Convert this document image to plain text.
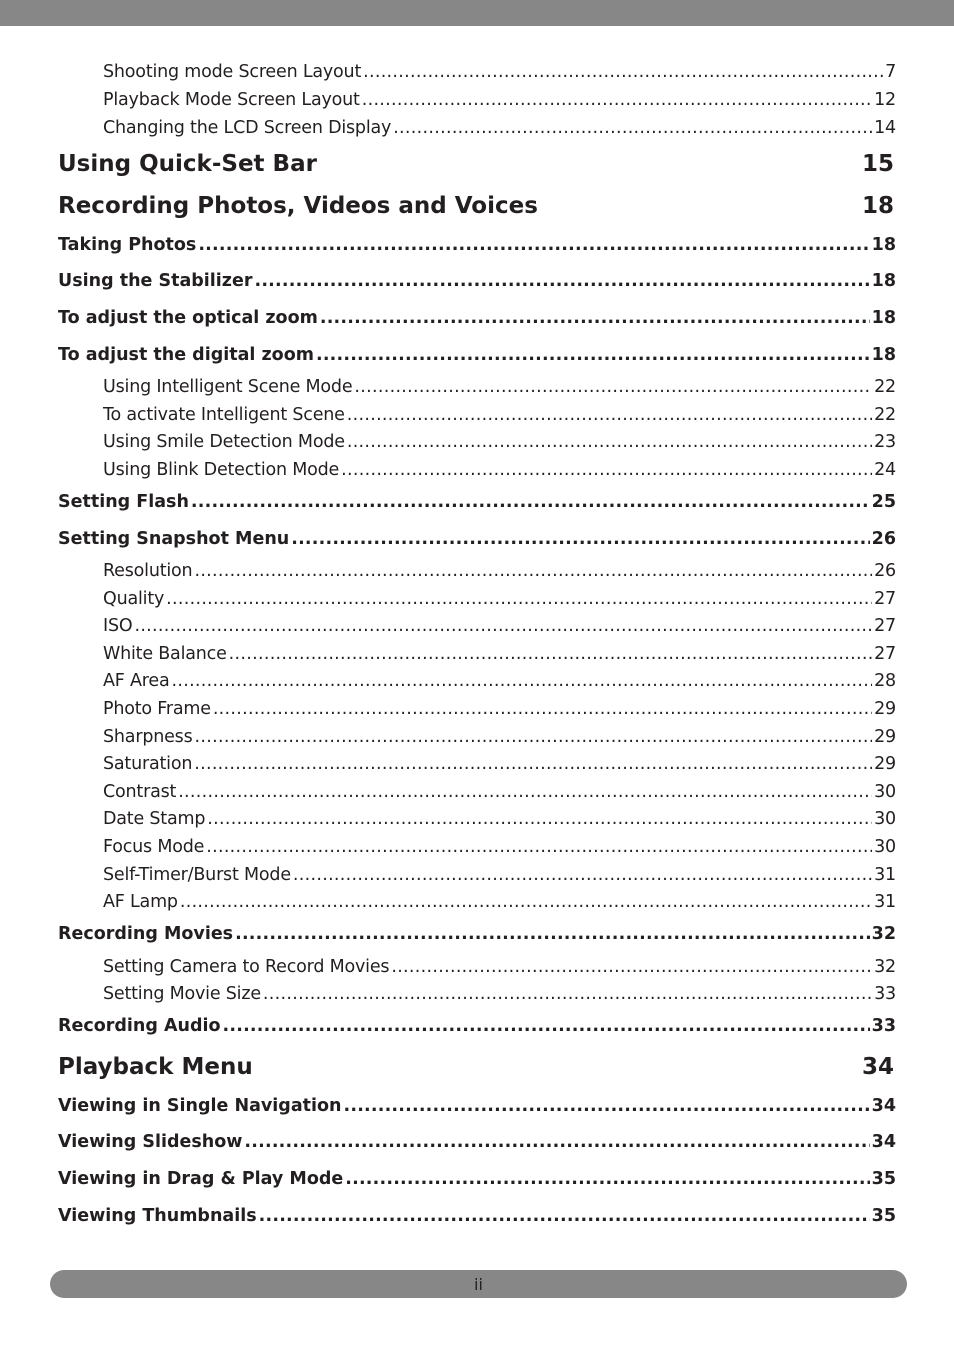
Shooting mode Screen Layout .....	7
Playback Mode Screen Layout .....	12
Changing the LCD Screen Display .....	14
Using Quick-Set Bar	15
Recording Photos, Videos and Voices	18
Taking Photos .....	18
Using the Stabilizer .....	18
To adjust the optical zoom .....	18
To adjust the digital zoom .....	18
Using Intelligent Scene Mode .....	22
To activate Intelligent Scene .....	22
Using Smile Detection Mode .....	23
Using Blink Detection Mode .....	24
Setting Flash .....	25
Setting Snapshot Menu .....	26
Resolution .....	26
Quality .....	27
ISO .....	27
White Balance .....	27
AF Area .....	28
Photo Frame .....	29
Sharpness .....	29
Saturation .....	29
Contrast .....	30
Date Stamp .....	30
Focus Mode .....	30
Self-Timer/Burst Mode .....	31
AF Lamp .....	31
Recording Movies .....	32
Setting Camera to Record Movies .....	32
Setting Movie Size .....	33
Recording Audio .....	33
Playback Menu	34
Viewing in Single Navigation .....	34
Viewing Slideshow .....	34
Viewing in Drag & Play Mode .....	35
Viewing Thumbnails .....	35
ii
